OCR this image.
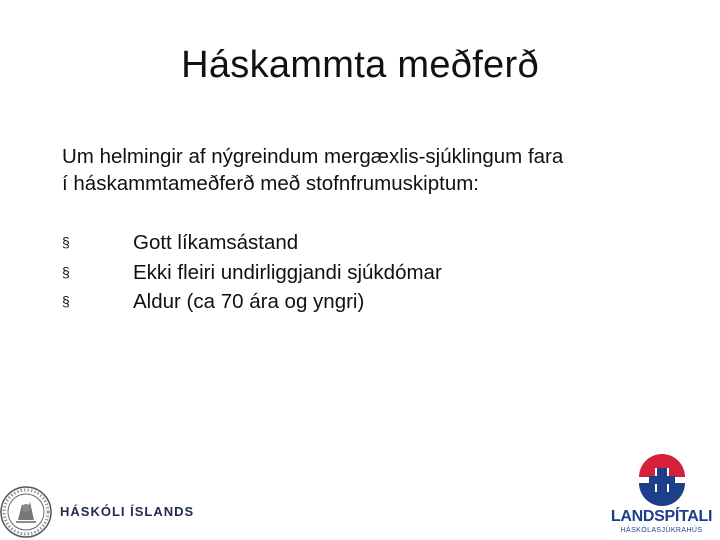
Háskammta meðferð
Um helmingir af nýgreindum mergæxlis-sjúklingum fara
í háskammtameðferð með stofnfrumuskiptum:
§	Gott líkamsástand
§	Ekki fleiri undirliggjandi sjúkdómar
§	Aldur (ca 70 ára og yngri)
HÁSKÓLI ÍSLANDS	LANDSPÍTALI
HÁSKÓLASJÚKRAHÚS
